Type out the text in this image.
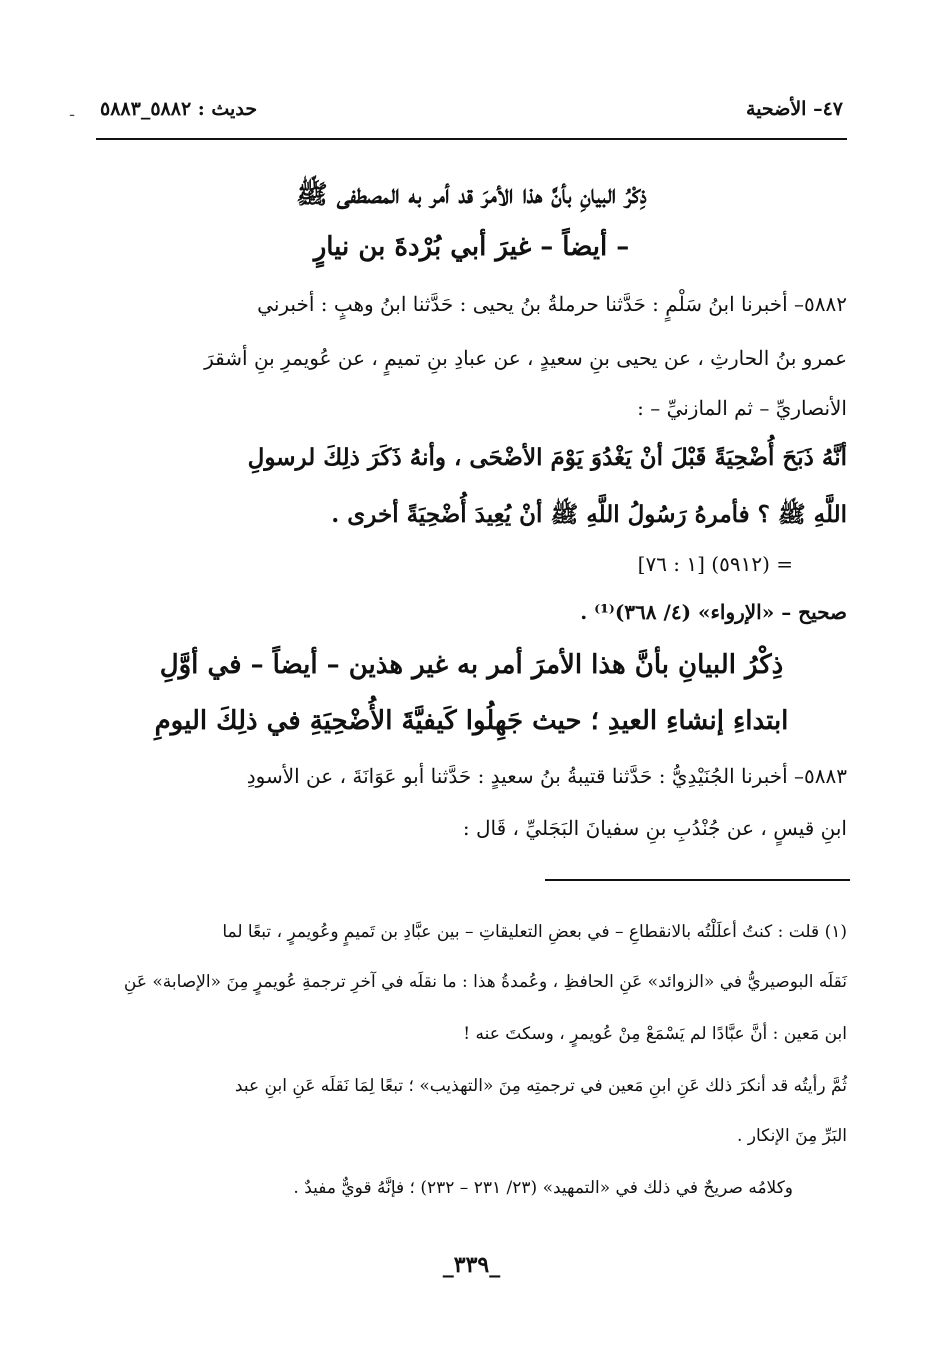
ـ	٤٧– الأضحية
حديث : ٥٨٨٢_٥٨٨٣
ذِكْرُ البيانِ بأنَّ هذا الأمرَ قد أمر به المصطفى ﷺ
– أيضاً – غيرَ أبي بُرْدةَ بن نيارٍ
٥٨٨٢– أخبرنا ابنُ سَلْمٍ : حَدَّثنا حرملةُ بنُ يحيى : حَدَّثنا ابنُ وهبٍ : أخبرني
عمرو بنُ الحارثِ ، عن يحيى بنِ سعيدٍ ، عن عبادِ بنِ تميمٍ ، عن عُويمرِ بنِ أشقرَ
الأنصاريِّ – ثم المازنيِّ – :
أنَّهُ ذَبَحَ أُضْحِيَةً قَبْلَ أنْ يَغْدُوَ يَوْمَ الأضْحَى ، وأنهُ ذَكَرَ ذلِكَ لرسولِ
اللَّهِ ﷺ ؟ فأمرهُ رَسُولُ اللَّهِ ﷺ أنْ يُعِيدَ أُضْحِيَةً أخرى .
= (٥٩١٢) [١ : ٧٦]
صحيح – «الإرواء» (٤/ ٣٦٨)⁽¹⁾ .
ذِكْرُ البيانِ بأنَّ هذا الأمرَ أمر به غير هذين – أيضاً – في أوَّلِ
ابتداءِ إنشاءِ العيدِ ؛ حيث جَهِلُوا كَيفيَّةَ الأُضْحِيَةِ في ذلِكَ اليومِ
٥٨٨٣– أخبرنا الجُنَيْدِيُّ : حَدَّثنا قتيبةُ بنُ سعيدٍ : حَدَّثنا أبو عَوَانَةَ ، عن الأسودِ
ابنِ قيسٍ ، عن جُنْدُبِ بنِ سفيانَ البَجَليِّ ، قَال :
(١) قلت : كنتُ أعلَلْتُه بالانقطاعِ – في بعضِ التعليقاتِ – بين عبَّادِ بن تَميمٍ وعُويمرٍ ، تبعًا لما
نَقلَه البوصيريُّ في «الزوائد» عَنِ الحافظِ ، وعُمدةُ هذا : ما نقلَه في آخرِ ترجمةِ عُويمرٍ مِنَ «الإصابة» عَنِ
ابن مَعين : أنَّ عبَّادًا لم يَسْمَعْ مِنْ عُويمرٍ ، وسكتَ عنه !
ثُمَّ رأيتُه قد أنكرَ ذلك عَنِ ابنِ مَعين في ترجمتِه مِنَ «التهذيب» ؛ تبعًا لِمَا نَقلَه عَنِ ابنِ عبد
البَرِّ مِنَ الإنكار .
وكلامُه صريحٌ في ذلك في «التمهيد» (٢٣/ ٢٣١ – ٢٣٢) ؛ فإنَّهُ قويٌّ مفيدٌ .
_٣٣٩_
